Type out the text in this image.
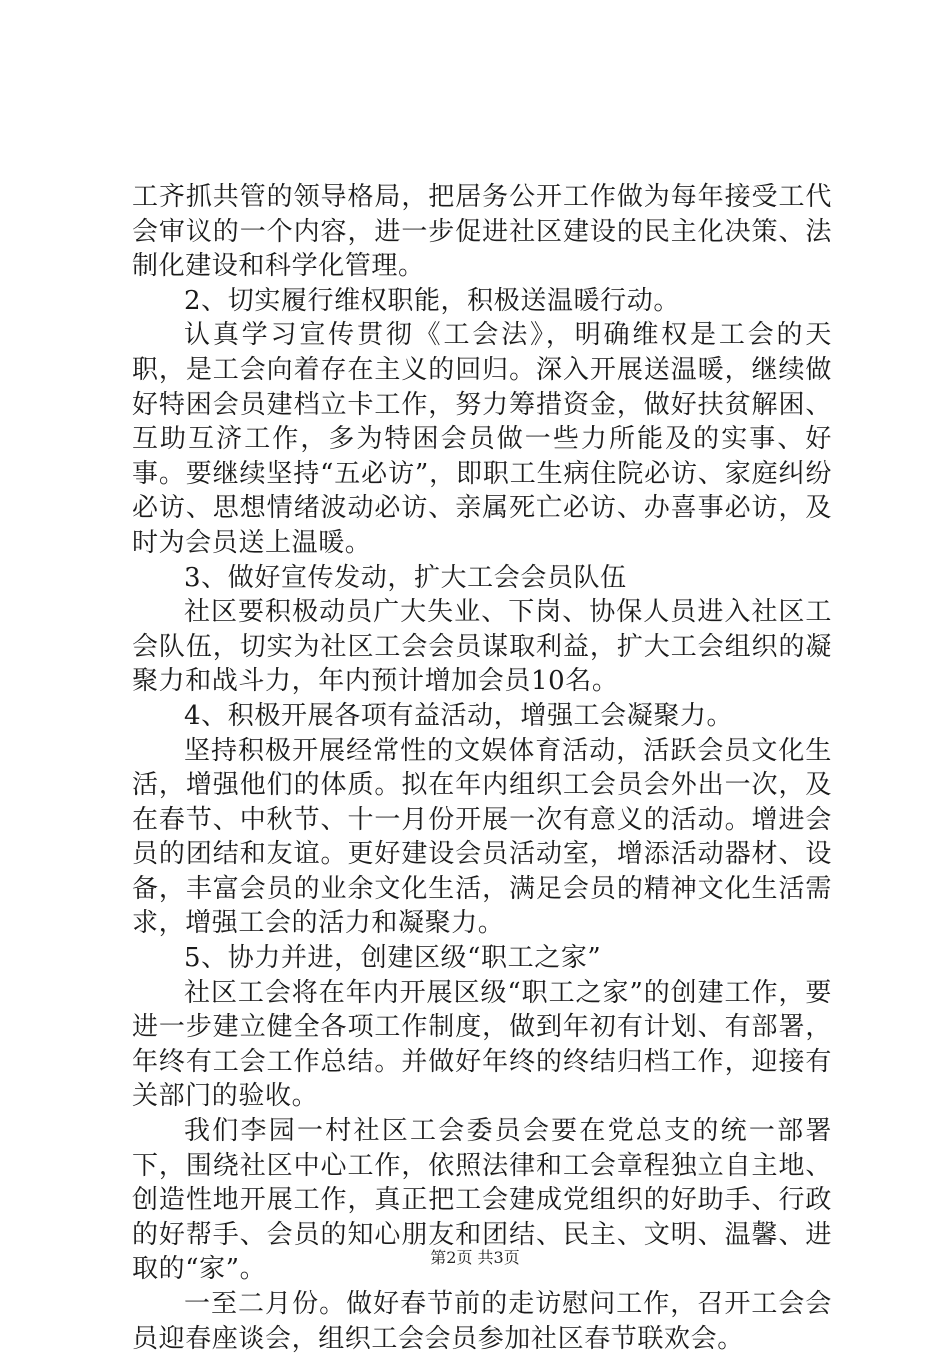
工齐抓共管的领导格局，把居务公开工作做为每年接受工代会审议的一个内容，进一步促进社区建设的民主化决策、法制化建设和科学化管理。

2、切实履行维权职能，积极送温暖行动。

认真学习宣传贯彻《工会法》，明确维权是工会的天职，是工会向着存在主义的回归。深入开展送温暖，继续做好特困会员建档立卡工作，努力筹措资金，做好扶贫解困、互助互济工作，多为特困会员做一些力所能及的实事、好事。要继续坚持“五必访”，即职工生病住院必访、家庭纠纷必访、思想情绪波动必访、亲属死亡必访、办喜事必访，及时为会员送上温暖。

3、做好宣传发动，扩大工会会员队伍

社区要积极动员广大失业、下岗、协保人员进入社区工会队伍，切实为社区工会会员谋取利益，扩大工会组织的凝聚力和战斗力，年内预计增加会员10名。

4、积极开展各项有益活动，增强工会凝聚力。

坚持积极开展经常性的文娱体育活动，活跃会员文化生活，增强他们的体质。拟在年内组织工会员会外出一次，及在春节、中秋节、十一月份开展一次有意义的活动。增进会员的团结和友谊。更好建设会员活动室，增添活动器材、设备，丰富会员的业余文化生活，满足会员的精神文化生活需求，增强工会的活力和凝聚力。

5、协力并进，创建区级“职工之家”

社区工会将在年内开展区级“职工之家”的创建工作，要进一步建立健全各项工作制度，做到年初有计划、有部署，年终有工会工作总结。并做好年终的终结归档工作，迎接有关部门的验收。

我们李园一村社区工会委员会要在党总支的统一部署下，围绕社区中心工作，依照法律和工会章程独立自主地、创造性地开展工作，真正把工会建成党组织的好助手、行政的好帮手、会员的知心朋友和团结、民主、文明、温馨、进取的“家”。

一至二月份。做好春节前的走访慰问工作，召开工会会员迎春座谈会，组织工会会员参加社区春节联欢会。

第2页 共3页
